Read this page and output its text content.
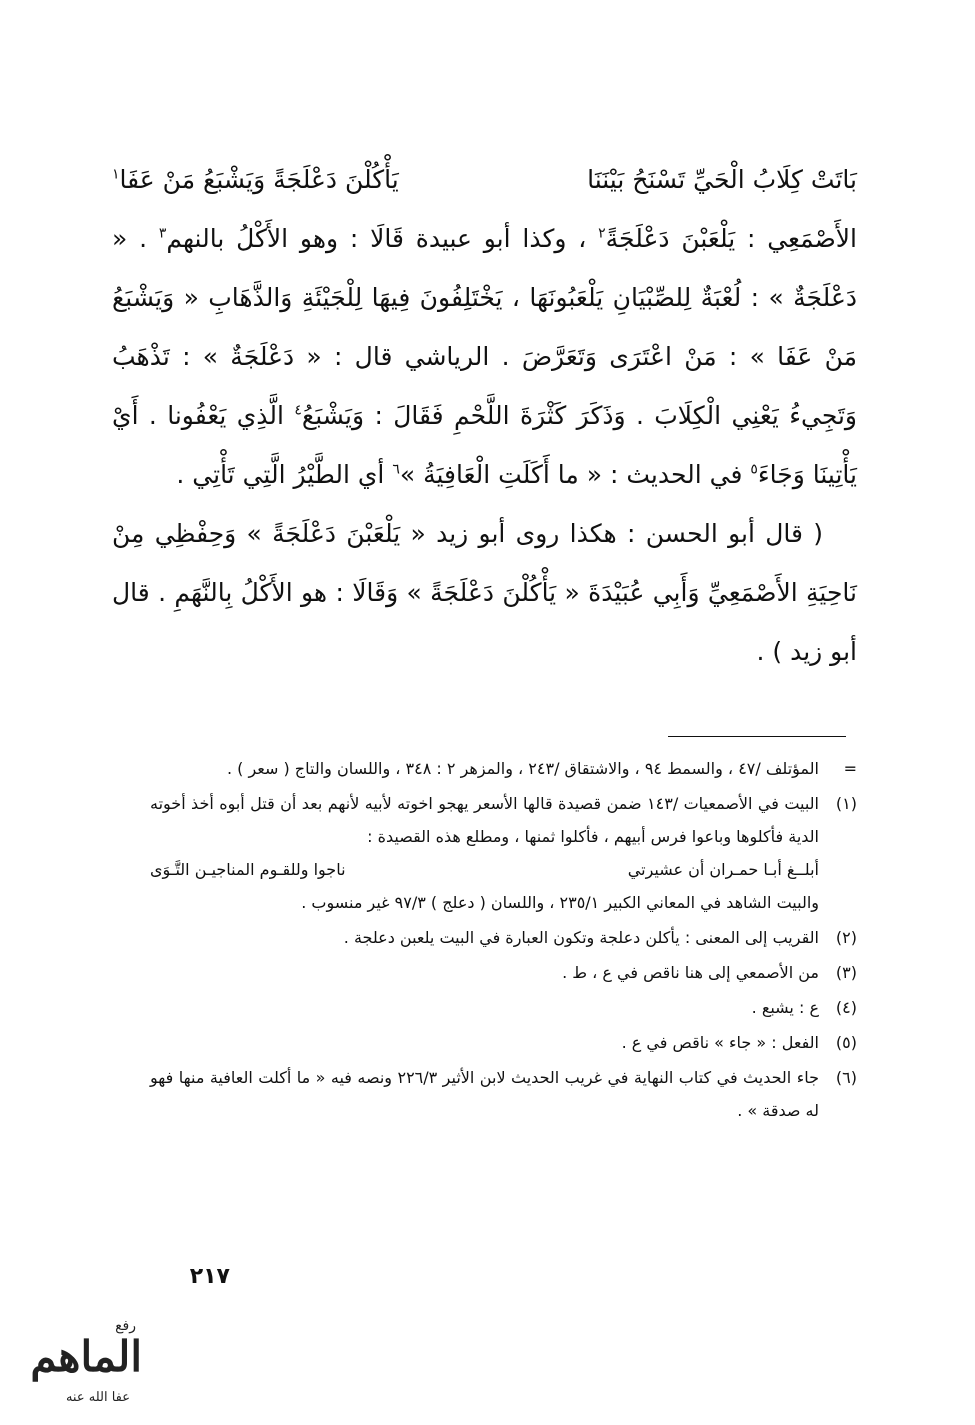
بَاتَتْ كِلَابُ الْحَيِّ تَسْنَحُ بَيْنَنَا
يَأْكُلْنَ دَعْلَجَةً وَيَشْبَعُ مَنْ عَفَا$^١$

الأَصْمَعِي : يَلْعَبْنَ دَعْلَجَةً$^٢$ ، وكذا أبو عبيدة قَالَا : وهو الأَكْلُ بالنهم$^٣$ . « دَعْلَجَةٌ » : لُعْبَةٌ لِلصِّبْيَانِ يَلْعَبُونَهَا ، يَخْتَلِفُونَ فِيهَا لِلْجَيْئَةِ وَالذَّهَابِ « وَيَشْبَعُ مَنْ عَفَا » : مَنْ اعْتَرَى وَتَعَرَّضَ . الرياشي قال : « دَعْلَجَةٌ » : تَذْهَبُ وَتَجِيءُ يَعْنِي الْكِلَابَ . وَذَكَرَ كَثْرَةَ اللَّحْمِ فَقَالَ : وَيَشْبَعُ$^٤$ الَّذِي يَعْفُونا . أَيْ يَأْتِينَا وَجَاءَ$^٥$ في الحديث : « ما أَكَلَتِ الْعَافِيَةُ »$^٦$ أي الطَّيْرُ الَّتِي تَأْتِي .

( قال أبو الحسن : هكذا روى أبو زيد « يَلْعَبْنَ دَعْلَجَةً » وَحِفْظِي مِنْ نَاحِيَةِ الأَصْمَعِيِّ وَأَبِي عُبَيْدَةَ « يَأْكُلْنَ دَعْلَجَةً » وَقَالَا : هو الأَكْلُ بِالنَّهَمِ . قال أبو زيد ) .

=
المؤتلف /٤٧ ، والسمط ٩٤ ، والاشتقاق /٢٤٣ ، والمزهر ٢ : ٣٤٨ ، واللسان والتاج ( سعر ) .
(١)
البيت في الأصمعيات /١٤٣ ضمن قصيدة قالها الأسعر يهجو اخوته لأبيه لأنهم بعد أن قتل أبوه أخذ أخوته الدية فأكلوها وباعوا فرس أبيهم ، فأكلوا ثمنها ، ومطلع هذه القصيدة :
أبلــغ أبـا حمـران أن عشيرتي
ناجوا وللقـوم المناجيـن التَّـوَى
والبيت الشاهد في المعاني الكبير ٢٣٥/١ ، واللسان ( دعلج ) ٩٧/٣ غير منسوب .
(٢)
القريب إلى المعنى : يأكلن دعلجة وتكون العبارة في البيت يلعبن دعلجة .
(٣)
من الأصمعي إلى هنا ناقص في ع ، ط .
(٤)
ع : يشبع .
(٥)
الفعل : « جاء » ناقص في ع .
(٦)
جاء الحديث في كتاب النهاية في غريب الحديث لابن الأثير ٢٢٦/٣ ونصه فيه « ما أكلت العافية منها فهو له صدقة » .
٢١٧
رفع
الماهم
عفا الله عنه
